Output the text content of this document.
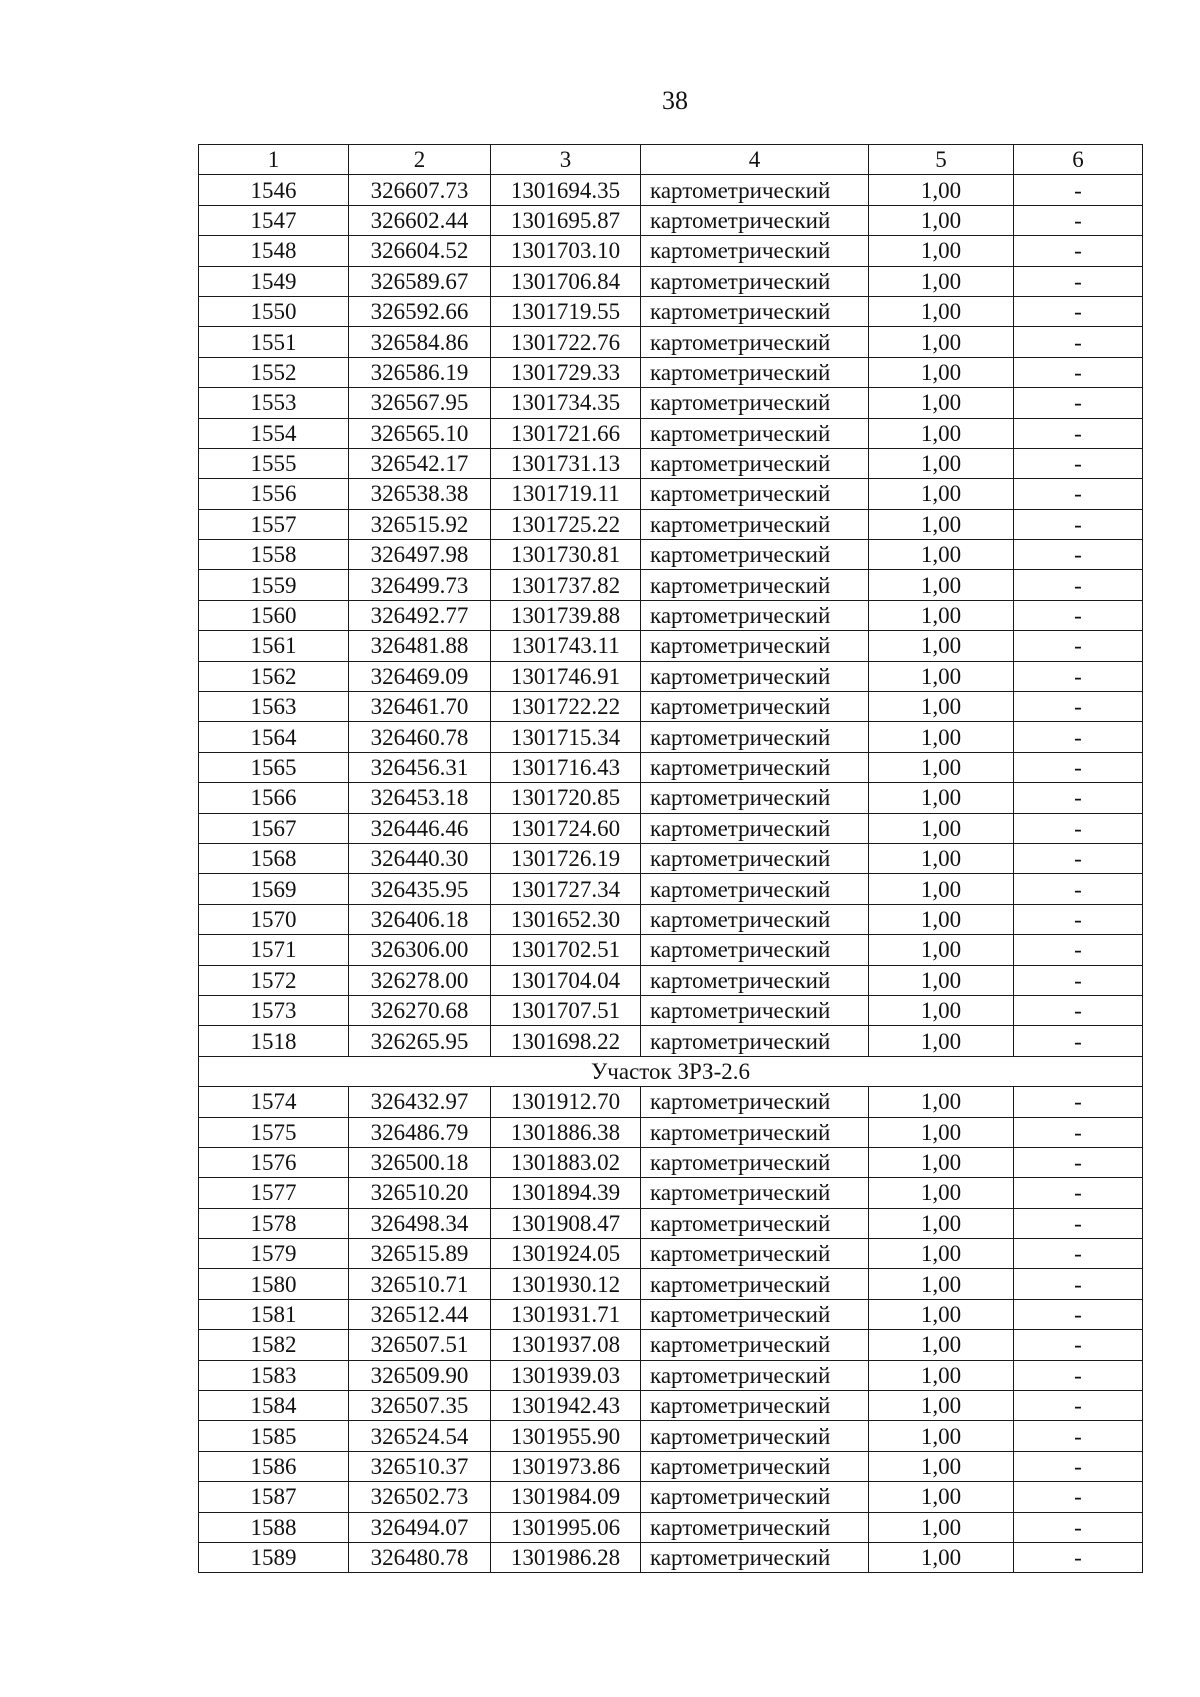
38
1	2	3	4	5	6
1546	326607.73	1301694.35	картометрический	1,00	-
1547	326602.44	1301695.87	картометрический	1,00	-
1548	326604.52	1301703.10	картометрический	1,00	-
1549	326589.67	1301706.84	картометрический	1,00	-
1550	326592.66	1301719.55	картометрический	1,00	-
1551	326584.86	1301722.76	картометрический	1,00	-
1552	326586.19	1301729.33	картометрический	1,00	-
1553	326567.95	1301734.35	картометрический	1,00	-
1554	326565.10	1301721.66	картометрический	1,00	-
1555	326542.17	1301731.13	картометрический	1,00	-
1556	326538.38	1301719.11	картометрический	1,00	-
1557	326515.92	1301725.22	картометрический	1,00	-
1558	326497.98	1301730.81	картометрический	1,00	-
1559	326499.73	1301737.82	картометрический	1,00	-
1560	326492.77	1301739.88	картометрический	1,00	-
1561	326481.88	1301743.11	картометрический	1,00	-
1562	326469.09	1301746.91	картометрический	1,00	-
1563	326461.70	1301722.22	картометрический	1,00	-
1564	326460.78	1301715.34	картометрический	1,00	-
1565	326456.31	1301716.43	картометрический	1,00	-
1566	326453.18	1301720.85	картометрический	1,00	-
1567	326446.46	1301724.60	картометрический	1,00	-
1568	326440.30	1301726.19	картометрический	1,00	-
1569	326435.95	1301727.34	картометрический	1,00	-
1570	326406.18	1301652.30	картометрический	1,00	-
1571	326306.00	1301702.51	картометрический	1,00	-
1572	326278.00	1301704.04	картометрический	1,00	-
1573	326270.68	1301707.51	картометрический	1,00	-
1518	326265.95	1301698.22	картометрический	1,00	-
Участок ЗРЗ-2.6					
1574	326432.97	1301912.70	картометрический	1,00	-
1575	326486.79	1301886.38	картометрический	1,00	-
1576	326500.18	1301883.02	картометрический	1,00	-
1577	326510.20	1301894.39	картометрический	1,00	-
1578	326498.34	1301908.47	картометрический	1,00	-
1579	326515.89	1301924.05	картометрический	1,00	-
1580	326510.71	1301930.12	картометрический	1,00	-
1581	326512.44	1301931.71	картометрический	1,00	-
1582	326507.51	1301937.08	картометрический	1,00	-
1583	326509.90	1301939.03	картометрический	1,00	-
1584	326507.35	1301942.43	картометрический	1,00	-
1585	326524.54	1301955.90	картометрический	1,00	-
1586	326510.37	1301973.86	картометрический	1,00	-
1587	326502.73	1301984.09	картометрический	1,00	-
1588	326494.07	1301995.06	картометрический	1,00	-
1589	326480.78	1301986.28	картометрический	1,00	-
